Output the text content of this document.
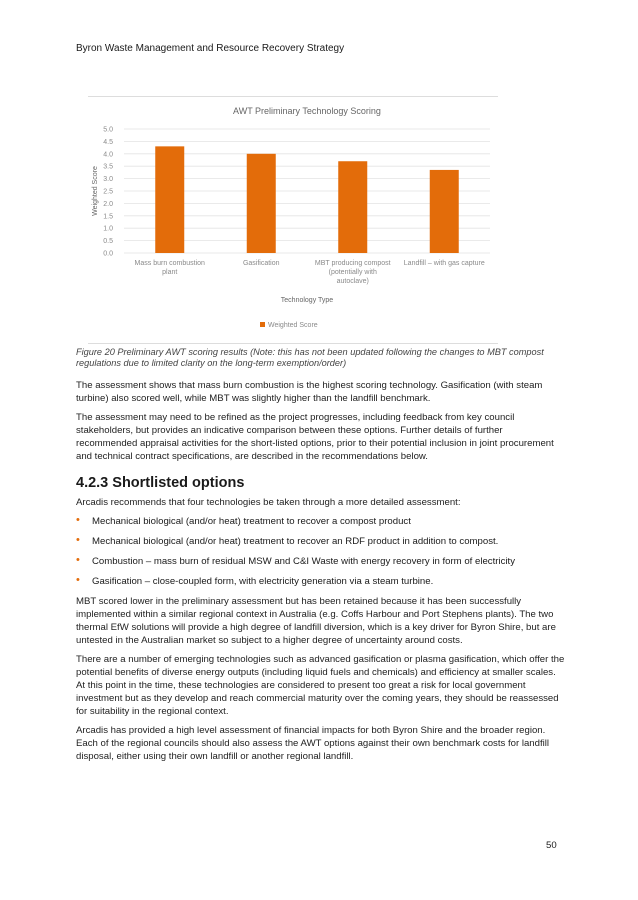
Byron Waste Management and Resource Recovery Strategy
AWT Preliminary Technology Scoring
0.0
0.5
1.0
1.5
2.0
2.5
3.0
3.5
4.0
4.5
5.0
Weighted Score
Mass burn combustion
plant
Gasification	MBT producing compost
(potentially with
autoclave)
Landfill – with gas capture
Technology Type
Weighted Score
Figure 20 Preliminary AWT scoring results (Note: this has not been updated following the changes to MBT compost regulations due to limited clarity on the long-term exemption/order)

The assessment shows that mass burn combustion is the highest scoring technology. Gasification (with steam turbine) also scored well, while MBT was slightly higher than the landfill benchmark.

The assessment may need to be refined as the project progresses, including feedback from key council stakeholders, but provides an indicative comparison between these options. Further details of further recommended appraisal activities for the short-listed options, prior to their potential inclusion in joint procurement and technical contract specifications, are described in the recommendations below.

4.2.3 Shortlisted options

Arcadis recommends that four technologies be taken through a more detailed assessment:

• Mechanical biological (and/or heat) treatment to recover a compost product
• Mechanical biological (and/or heat) treatment to recover an RDF product in addition to compost.
• Combustion – mass burn of residual MSW and C&I Waste with energy recovery in form of electricity
• Gasification – close-coupled form, with electricity generation via a steam turbine.

MBT scored lower in the preliminary assessment but has been retained because it has been successfully implemented within a similar regional context in Australia (e.g. Coffs Harbour and Port Stephens plants). The two thermal EfW solutions will provide a high degree of landfill diversion, which is a key driver for Byron Shire, but are untested in the Australian market so subject to a higher degree of uncertainty around costs.

There are a number of emerging technologies such as advanced gasification or plasma gasification, which offer the potential benefits of diverse energy outputs (including liquid fuels and chemicals) and efficiency at smaller scales. At this point in the time, these technologies are considered to present too great a risk for local government investment but as they develop and reach commercial maturity over the coming years, they should be reassessed for suitability in the regional context.

Arcadis has provided a high level assessment of financial impacts for both Byron Shire and the broader region. Each of the regional councils should also assess the AWT options against their own benchmark costs for landfill disposal, either using their own landfill or another regional landfill.

50
